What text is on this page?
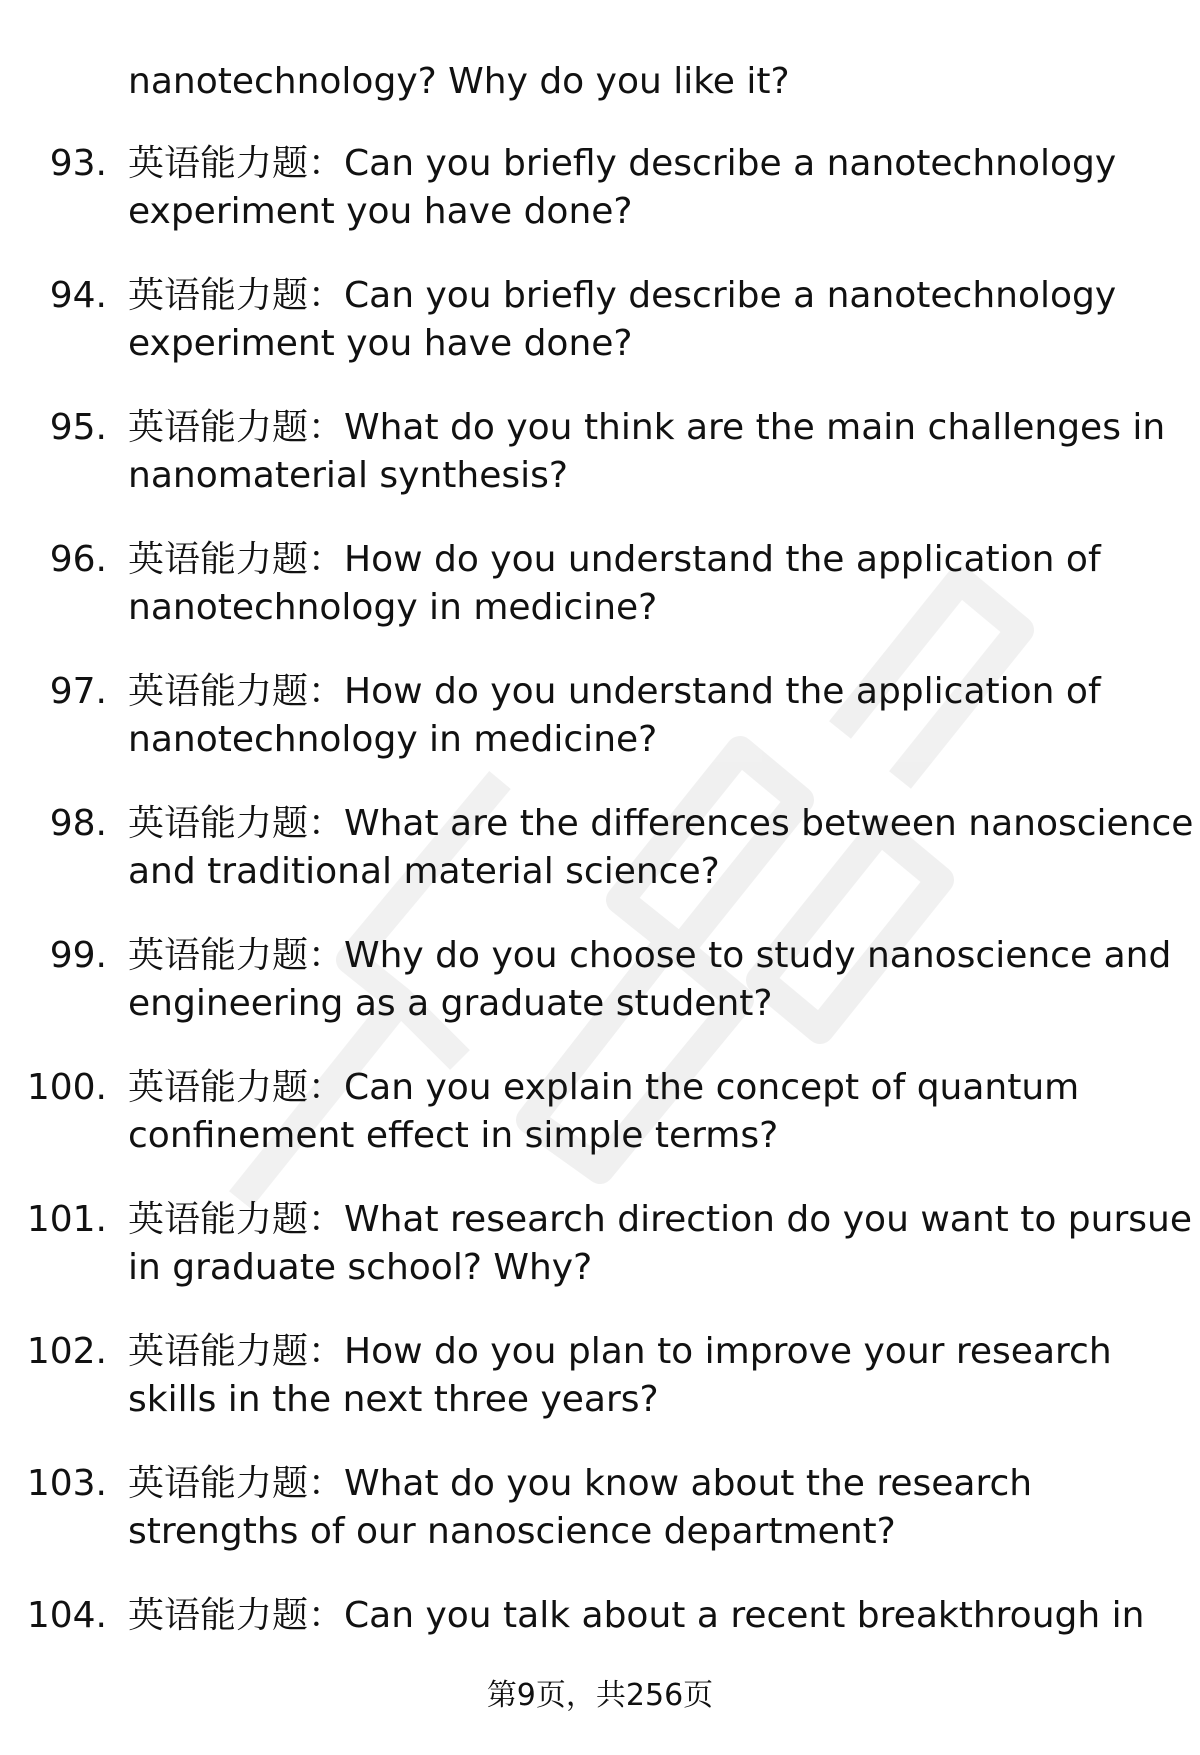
nanotechnology? Why do you like it?
93. 英语能力题：Can you briefly describe a nanotechnology
experiment you have done?
94. 英语能力题：Can you briefly describe a nanotechnology
experiment you have done?
95. 英语能力题：What do you think are the main challenges in
nanomaterial synthesis?
96. 英语能力题：How do you understand the application of
nanotechnology in medicine?
97. 英语能力题：How do you understand the application of
nanotechnology in medicine?
98. 英语能力题：What are the differences between nanoscience
and traditional material science?
99. 英语能力题：Why do you choose to study nanoscience and
engineering as a graduate student?
100. 英语能力题：Can you explain the concept of quantum
confinement effect in simple terms?
101. 英语能力题：What research direction do you want to pursue
in graduate school? Why?
102. 英语能力题：How do you plan to improve your research
skills in the next three years?
103. 英语能力题：What do you know about the research
strengths of our nanoscience department?
104. 英语能力题：Can you talk about a recent breakthrough in
第9页，共256页
